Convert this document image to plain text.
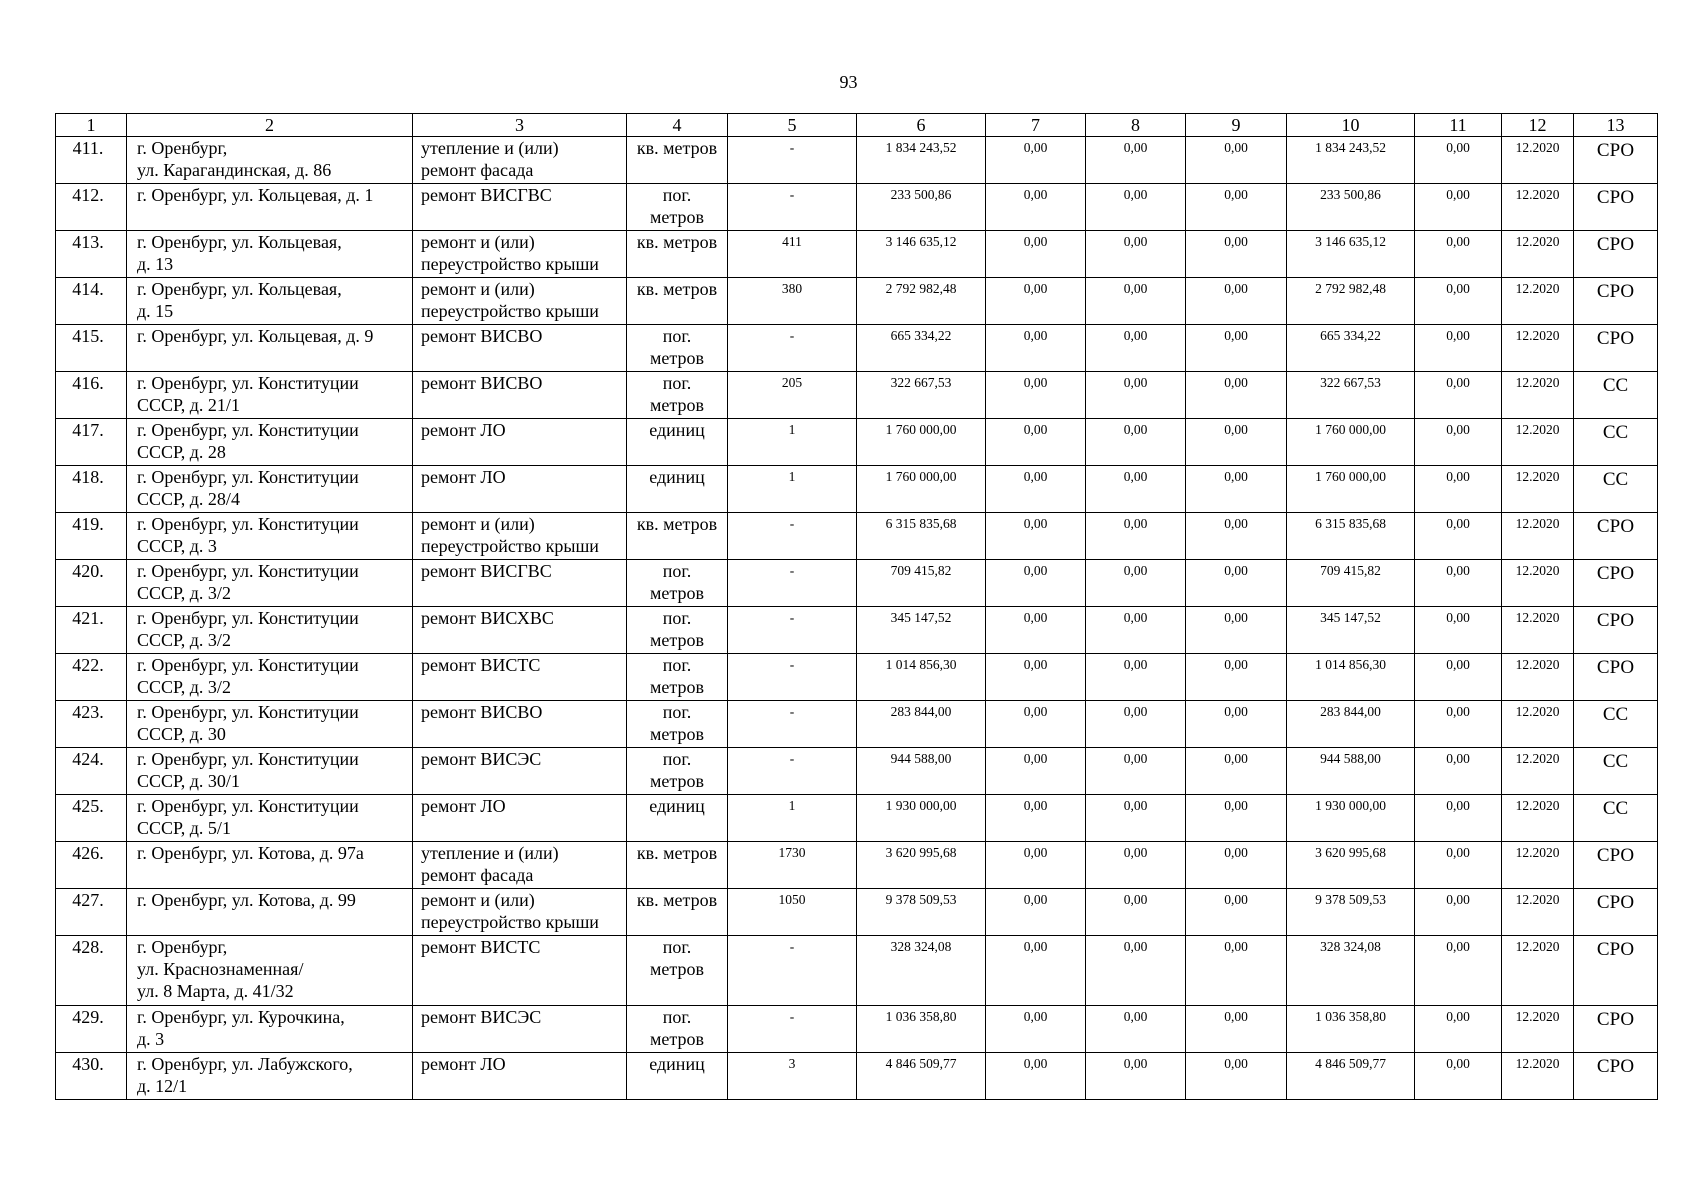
93
1	2	3	4	5	6	7	8	9	10	11	12	13
411.	г. Оренбург,
ул. Карагандинская, д. 86	утепление и (или)
ремонт фасада	кв. метров	-	1 834 243,52	0,00	0,00	0,00	1 834 243,52	0,00	12.2020	СРО
412.	г. Оренбург, ул. Кольцевая, д. 1	ремонт ВИСГВС	пог.
метров	-	233 500,86	0,00	0,00	0,00	233 500,86	0,00	12.2020	СРО
413.	г. Оренбург, ул. Кольцевая,
д. 13	ремонт и (или)
переустройство крыши	кв. метров	411	3 146 635,12	0,00	0,00	0,00	3 146 635,12	0,00	12.2020	СРО
414.	г. Оренбург, ул. Кольцевая,
д. 15	ремонт и (или)
переустройство крыши	кв. метров	380	2 792 982,48	0,00	0,00	0,00	2 792 982,48	0,00	12.2020	СРО
415.	г. Оренбург, ул. Кольцевая, д. 9	ремонт ВИСВО	пог.
метров	-	665 334,22	0,00	0,00	0,00	665 334,22	0,00	12.2020	СРО
416.	г. Оренбург, ул. Конституции
СССР, д. 21/1	ремонт ВИСВО	пог.
метров	205	322 667,53	0,00	0,00	0,00	322 667,53	0,00	12.2020	СС
417.	г. Оренбург, ул. Конституции
СССР, д. 28	ремонт ЛО	единиц	1	1 760 000,00	0,00	0,00	0,00	1 760 000,00	0,00	12.2020	СС
418.	г. Оренбург, ул. Конституции
СССР, д. 28/4	ремонт ЛО	единиц	1	1 760 000,00	0,00	0,00	0,00	1 760 000,00	0,00	12.2020	СС
419.	г. Оренбург, ул. Конституции
СССР, д. 3	ремонт и (или)
переустройство крыши	кв. метров	-	6 315 835,68	0,00	0,00	0,00	6 315 835,68	0,00	12.2020	СРО
420.	г. Оренбург, ул. Конституции
СССР, д. 3/2	ремонт ВИСГВС	пог.
метров	-	709 415,82	0,00	0,00	0,00	709 415,82	0,00	12.2020	СРО
421.	г. Оренбург, ул. Конституции
СССР, д. 3/2	ремонт ВИСХВС	пог.
метров	-	345 147,52	0,00	0,00	0,00	345 147,52	0,00	12.2020	СРО
422.	г. Оренбург, ул. Конституции
СССР, д. 3/2	ремонт ВИСТС	пог.
метров	-	1 014 856,30	0,00	0,00	0,00	1 014 856,30	0,00	12.2020	СРО
423.	г. Оренбург, ул. Конституции
СССР, д. 30	ремонт ВИСВО	пог.
метров	-	283 844,00	0,00	0,00	0,00	283 844,00	0,00	12.2020	СС
424.	г. Оренбург, ул. Конституции
СССР, д. 30/1	ремонт ВИСЭС	пог.
метров	-	944 588,00	0,00	0,00	0,00	944 588,00	0,00	12.2020	СС
425.	г. Оренбург, ул. Конституции
СССР, д. 5/1	ремонт ЛО	единиц	1	1 930 000,00	0,00	0,00	0,00	1 930 000,00	0,00	12.2020	СС
426.	г. Оренбург, ул. Котова, д. 97а	утепление и (или)
ремонт фасада	кв. метров	1730	3 620 995,68	0,00	0,00	0,00	3 620 995,68	0,00	12.2020	СРО
427.	г. Оренбург, ул. Котова, д. 99	ремонт и (или)
переустройство крыши	кв. метров	1050	9 378 509,53	0,00	0,00	0,00	9 378 509,53	0,00	12.2020	СРО
428.	г. Оренбург,
ул. Краснознаменная/
ул. 8 Марта, д. 41/32	ремонт ВИСТС	пог.
метров	-	328 324,08	0,00	0,00	0,00	328 324,08	0,00	12.2020	СРО
429.	г. Оренбург, ул. Курочкина,
д. 3	ремонт ВИСЭС	пог.
метров	-	1 036 358,80	0,00	0,00	0,00	1 036 358,80	0,00	12.2020	СРО
430.	г. Оренбург, ул. Лабужского,
д. 12/1	ремонт ЛО	единиц	3	4 846 509,77	0,00	0,00	0,00	4 846 509,77	0,00	12.2020	СРО
